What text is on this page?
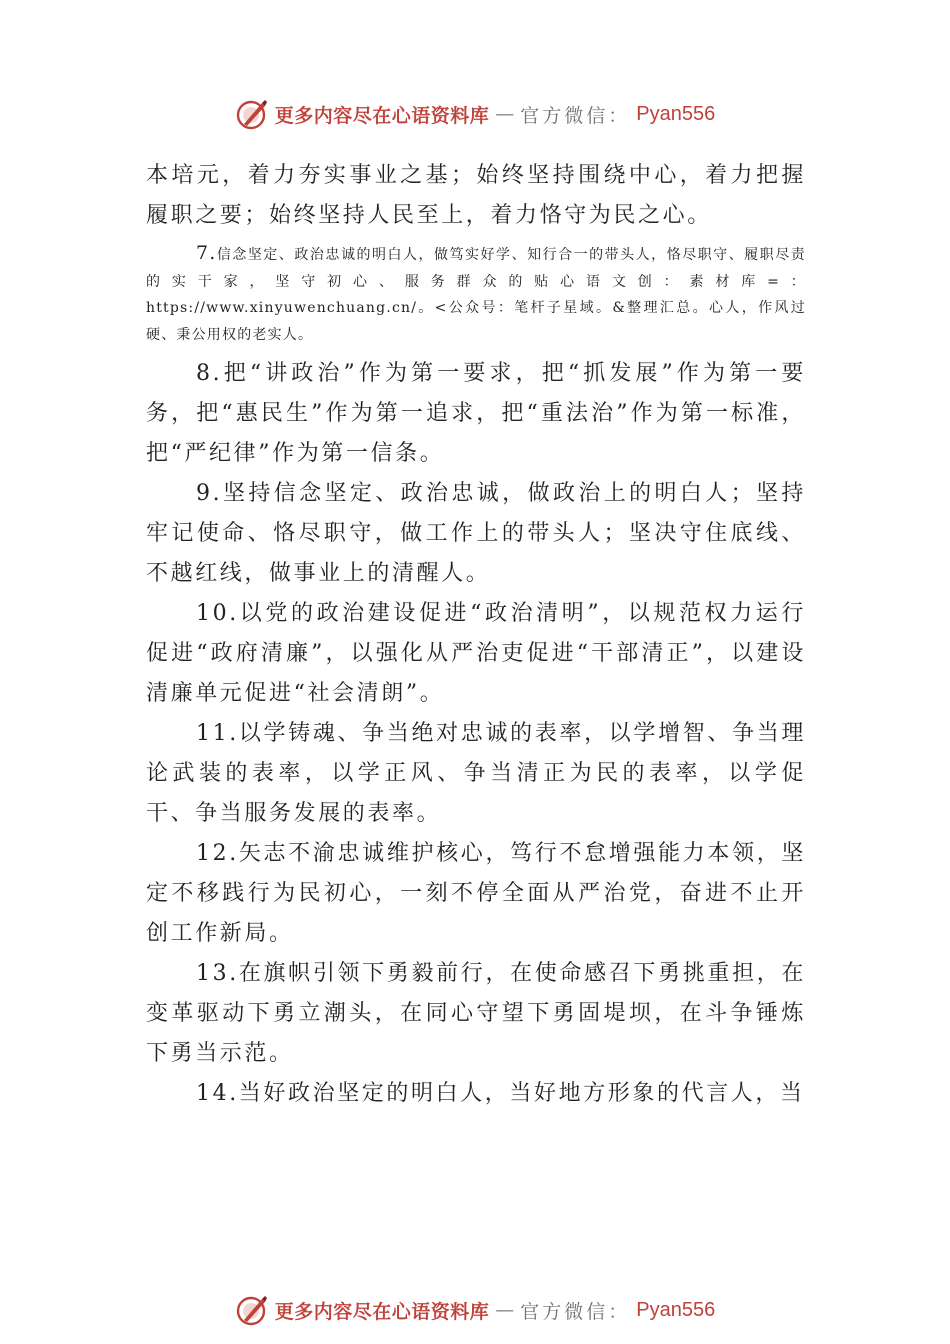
更多内容尽在心语资料库 — 官方微信： Pyan556

本培元，着力夯实事业之基；始终坚持围绕中心，着力把握履职之要；始终坚持人民至上，着力恪守为民之心。

7.信念坚定、政治忠诚的明白人，做笃实好学、知行合一的带头人，恪尽职守、履职尽责的实干家，坚守初心、服务群众的贴心语文创：素材库=：https://www.xinyuwenchuang.cn/。<公众号：笔杆子星域。&整理汇总。心人，作风过硬、秉公用权的老实人。

8.把“讲政治”作为第一要求，把“抓发展”作为第一要务，把“惠民生”作为第一追求，把“重法治”作为第一标准，把“严纪律”作为第一信条。

9.坚持信念坚定、政治忠诚，做政治上的明白人；坚持牢记使命、恪尽职守，做工作上的带头人；坚决守住底线、不越红线，做事业上的清醒人。

10.以党的政治建设促进“政治清明”，以规范权力运行促进“政府清廉”，以强化从严治吏促进“干部清正”，以建设清廉单元促进“社会清朗”。

11.以学铸魂、争当绝对忠诚的表率，以学增智、争当理论武装的表率，以学正风、争当清正为民的表率，以学促干、争当服务发展的表率。

12.矢志不渝忠诚维护核心，笃行不怠增强能力本领，坚定不移践行为民初心，一刻不停全面从严治党，奋进不止开创工作新局。

13.在旗帜引领下勇毅前行，在使命感召下勇挑重担，在变革驱动下勇立潮头，在同心守望下勇固堤坝，在斗争锤炼下勇当示范。

14.当好政治坚定的明白人，当好地方形象的代言人，当

更多内容尽在心语资料库 — 官方微信： Pyan556
